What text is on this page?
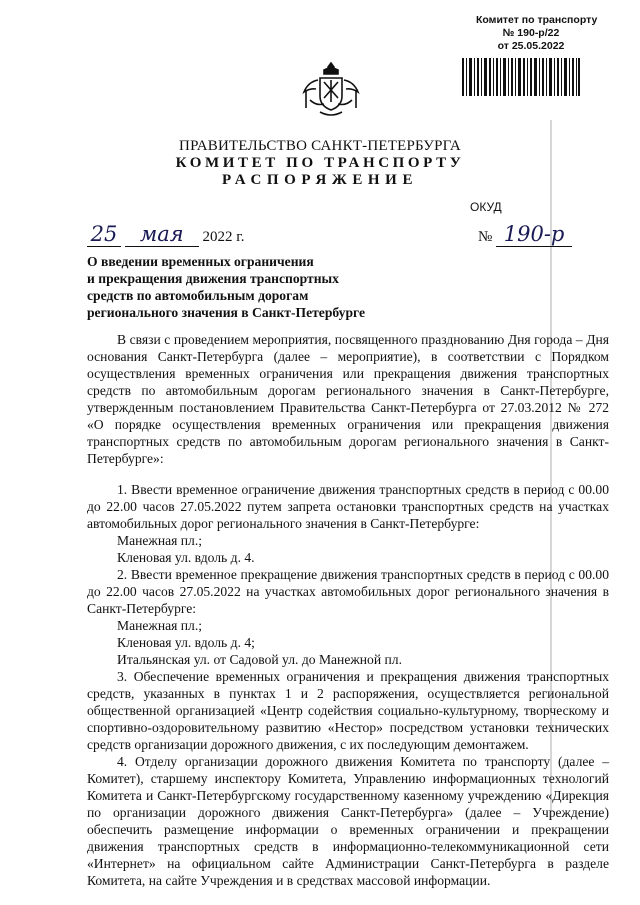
Комитет по транспорту
№ 190-р/22
от 25.05.2022
ПРАВИТЕЛЬСТВО САНКТ-ПЕТЕРБУРГА
КОМИТЕТ ПО ТРАНСПОРТУ
РАСПОРЯЖЕНИЕ
ОКУД
25 мая 2022 г.	№ 190-р
О введении временных ограничения
и прекращения движения транспортных
средств по автомобильным дорогам
регионального значения в Санкт-Петербурге

В связи с проведением мероприятия, посвященного празднованию Дня города – Дня основания Санкт-Петербурга (далее – мероприятие), в соответствии с Порядком осуществления временных ограничения или прекращения движения транспортных средств по автомобильным дорогам регионального значения в Санкт-Петербурге, утвержденным постановлением Правительства Санкт-Петербурга от 27.03.2012 № 272 «О порядке осуществления временных ограничения или прекращения движения транспортных средств по автомобильным дорогам регионального значения в Санкт-Петербурге»:

1. Ввести временное ограничение движения транспортных средств в период с 00.00 до 22.00 часов 27.05.2022 путем запрета остановки транспортных средств на участках автомобильных дорог регионального значения в Санкт-Петербурге:

Манежная пл.;

Кленовая ул. вдоль д. 4.

2. Ввести временное прекращение движения транспортных средств в период с 00.00 до 22.00 часов 27.05.2022 на участках автомобильных дорог регионального значения в Санкт-Петербурге:

Манежная пл.;

Кленовая ул. вдоль д. 4;

Итальянская ул. от Садовой ул. до Манежной пл.

3. Обеспечение временных ограничения и прекращения движения транспортных средств, указанных в пунктах 1 и 2 распоряжения, осуществляется региональной общественной организацией «Центр содействия социально-культурному, творческому и спортивно-оздоровительному развитию «Нестор» посредством установки технических средств организации дорожного движения, с их последующим демонтажем.

4. Отделу организации дорожного движения Комитета по транспорту (далее – Комитет), старшему инспектору Комитета, Управлению информационных технологий Комитета и Санкт-Петербургскому государственному казенному учреждению «Дирекция по организации дорожного движения Санкт-Петербурга» (далее – Учреждение) обеспечить размещение информации о временных ограничении и прекращении движения транспортных средств в информационно-телекоммуникационной сети «Интернет» на официальном сайте Администрации Санкт-Петербурга в разделе Комитета, на сайте Учреждения и в средствах массовой информации.
